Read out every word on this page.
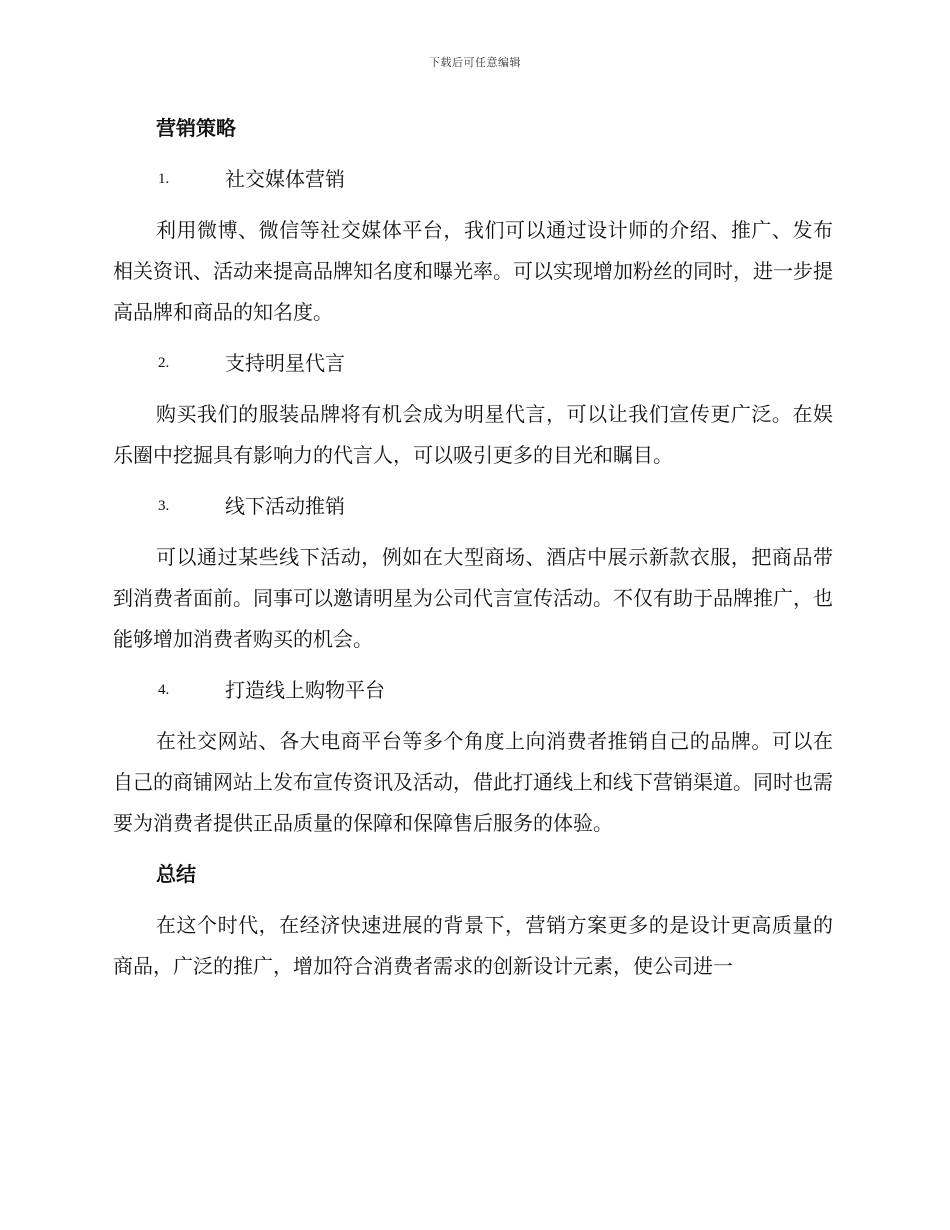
下载后可任意编辑
营销策略
1.	社交媒体营销

利用微博、微信等社交媒体平台，我们可以通过设计师的介绍、推广、发布相关资讯、活动来提高品牌知名度和曝光率。可以实现增加粉丝的同时，进一步提高品牌和商品的知名度。

2.	支持明星代言

购买我们的服装品牌将有机会成为明星代言，可以让我们宣传更广泛。在娱乐圈中挖掘具有影响力的代言人，可以吸引更多的目光和瞩目。

3.	线下活动推销

可以通过某些线下活动，例如在大型商场、酒店中展示新款衣服，把商品带到消费者面前。同事可以邀请明星为公司代言宣传活动。不仅有助于品牌推广，也能够增加消费者购买的机会。

4.	打造线上购物平台

在社交网站、各大电商平台等多个角度上向消费者推销自己的品牌。可以在自己的商铺网站上发布宣传资讯及活动，借此打通线上和线下营销渠道。同时也需要为消费者提供正品质量的保障和保障售后服务的体验。

总结

在这个时代，在经济快速进展的背景下，营销方案更多的是设计更高质量的商品，广泛的推广，增加符合消费者需求的创新设计元素，使公司进一
